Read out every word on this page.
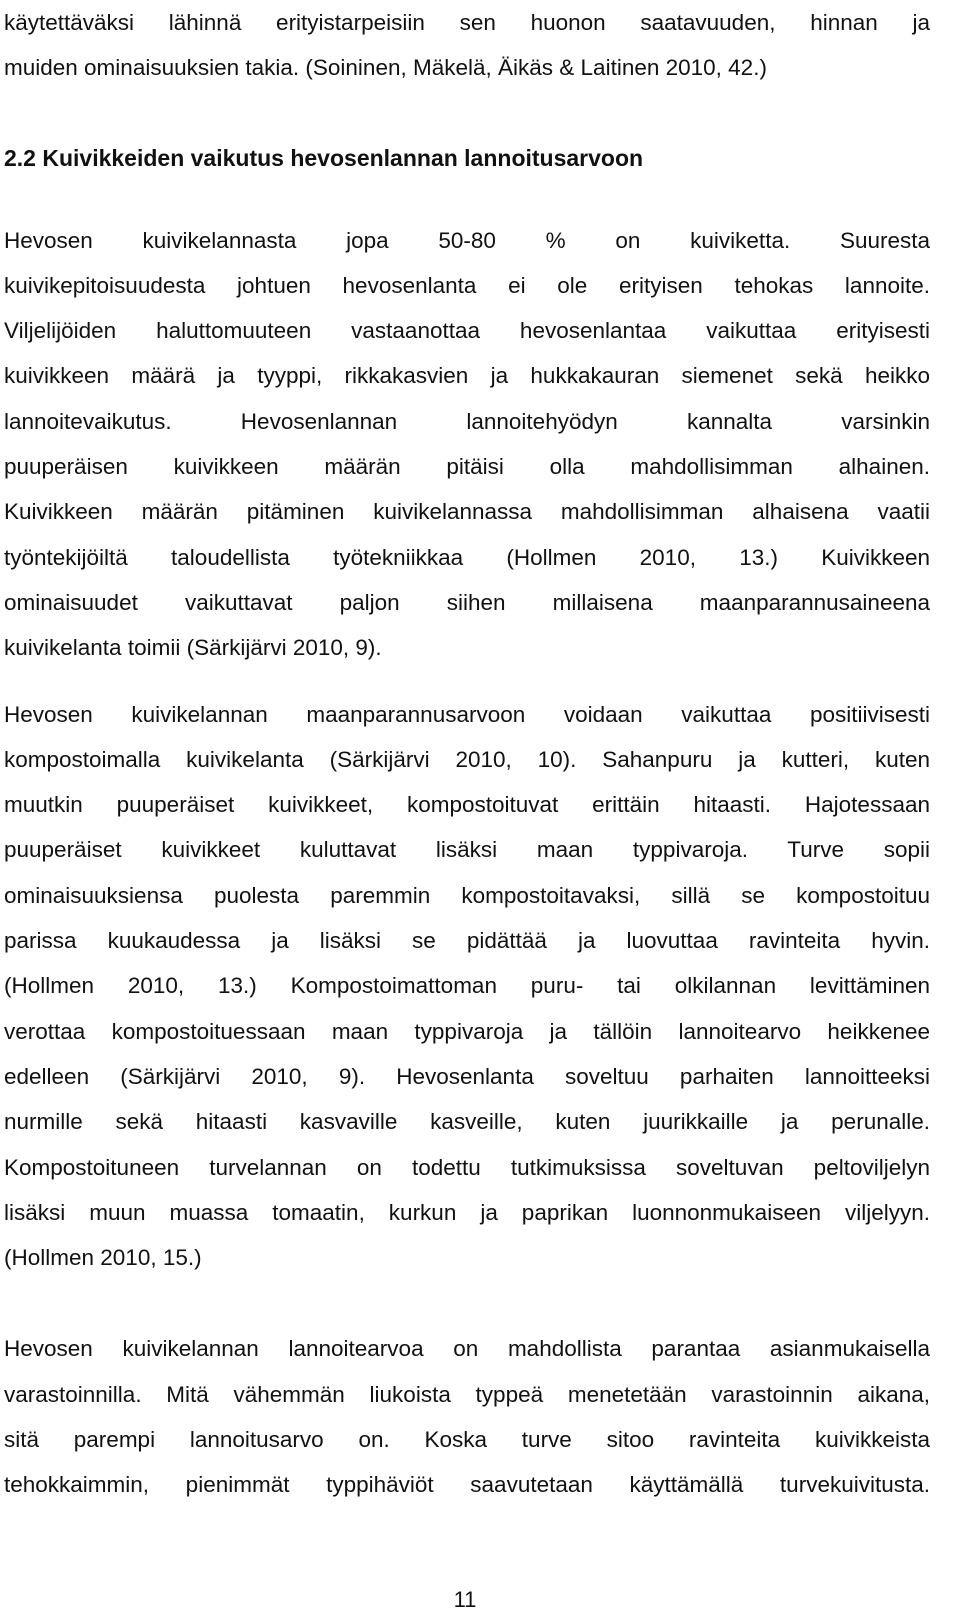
käytettäväksi lähinnä erityistarpeisiin sen huonon saatavuuden, hinnan ja
muiden ominaisuuksien takia. (Soininen, Mäkelä, Äikäs & Laitinen 2010, 42.)
2.2 Kuivikkeiden vaikutus hevosenlannan lannoitusarvoon
Hevosen kuivikelannasta jopa 50-80 % on kuiviketta. Suuresta
kuivikepitoisuudesta johtuen hevosenlanta ei ole erityisen tehokas lannoite.
Viljelijöiden haluttomuuteen vastaanottaa hevosenlantaa vaikuttaa erityisesti
kuivikkeen määrä ja tyyppi, rikkakasvien ja hukkakauran siemenet sekä heikko
lannoitevaikutus. Hevosenlannan lannoitehyödyn kannalta varsinkin
puuperäisen kuivikkeen määrän pitäisi olla mahdollisimman alhainen.
Kuivikkeen määrän pitäminen kuivikelannassa mahdollisimman alhaisena vaatii
työntekijöiltä taloudellista työtekniikkaa (Hollmen 2010, 13.) Kuivikkeen
ominaisuudet vaikuttavat paljon siihen millaisena maanparannusaineena
kuivikelanta toimii (Särkijärvi 2010, 9).
Hevosen kuivikelannan maanparannusarvoon voidaan vaikuttaa positiivisesti
kompostoimalla kuivikelanta (Särkijärvi 2010, 10). Sahanpuru ja kutteri, kuten
muutkin puuperäiset kuivikkeet, kompostoituvat erittäin hitaasti. Hajotessaan
puuperäiset kuivikkeet kuluttavat lisäksi maan typpivaroja. Turve sopii
ominaisuuksiensa puolesta paremmin kompostoitavaksi, sillä se kompostoituu
parissa kuukaudessa ja lisäksi se pidättää ja luovuttaa ravinteita hyvin.
(Hollmen 2010, 13.) Kompostoimattoman puru- tai olkilannan levittäminen
verottaa kompostoituessaan maan typpivaroja ja tällöin lannoitearvo heikkenee
edelleen (Särkijärvi 2010, 9). Hevosenlanta soveltuu parhaiten lannoitteeksi
nurmille sekä hitaasti kasvaville kasveille, kuten juurikkaille ja perunalle.
Kompostoituneen turvelannan on todettu tutkimuksissa soveltuvan peltoviljelyn
lisäksi muun muassa tomaatin, kurkun ja paprikan luonnonmukaiseen viljelyyn.
(Hollmen 2010, 15.)
Hevosen kuivikelannan lannoitearvoa on mahdollista parantaa asianmukaisella
varastoinnilla. Mitä vähemmän liukoista typpeä menetetään varastoinnin aikana,
sitä parempi lannoitusarvo on. Koska turve sitoo ravinteita kuivikkeista
tehokkaimmin, pienimmät typpihäviöt saavutetaan käyttämällä turvekuivitusta.
11
